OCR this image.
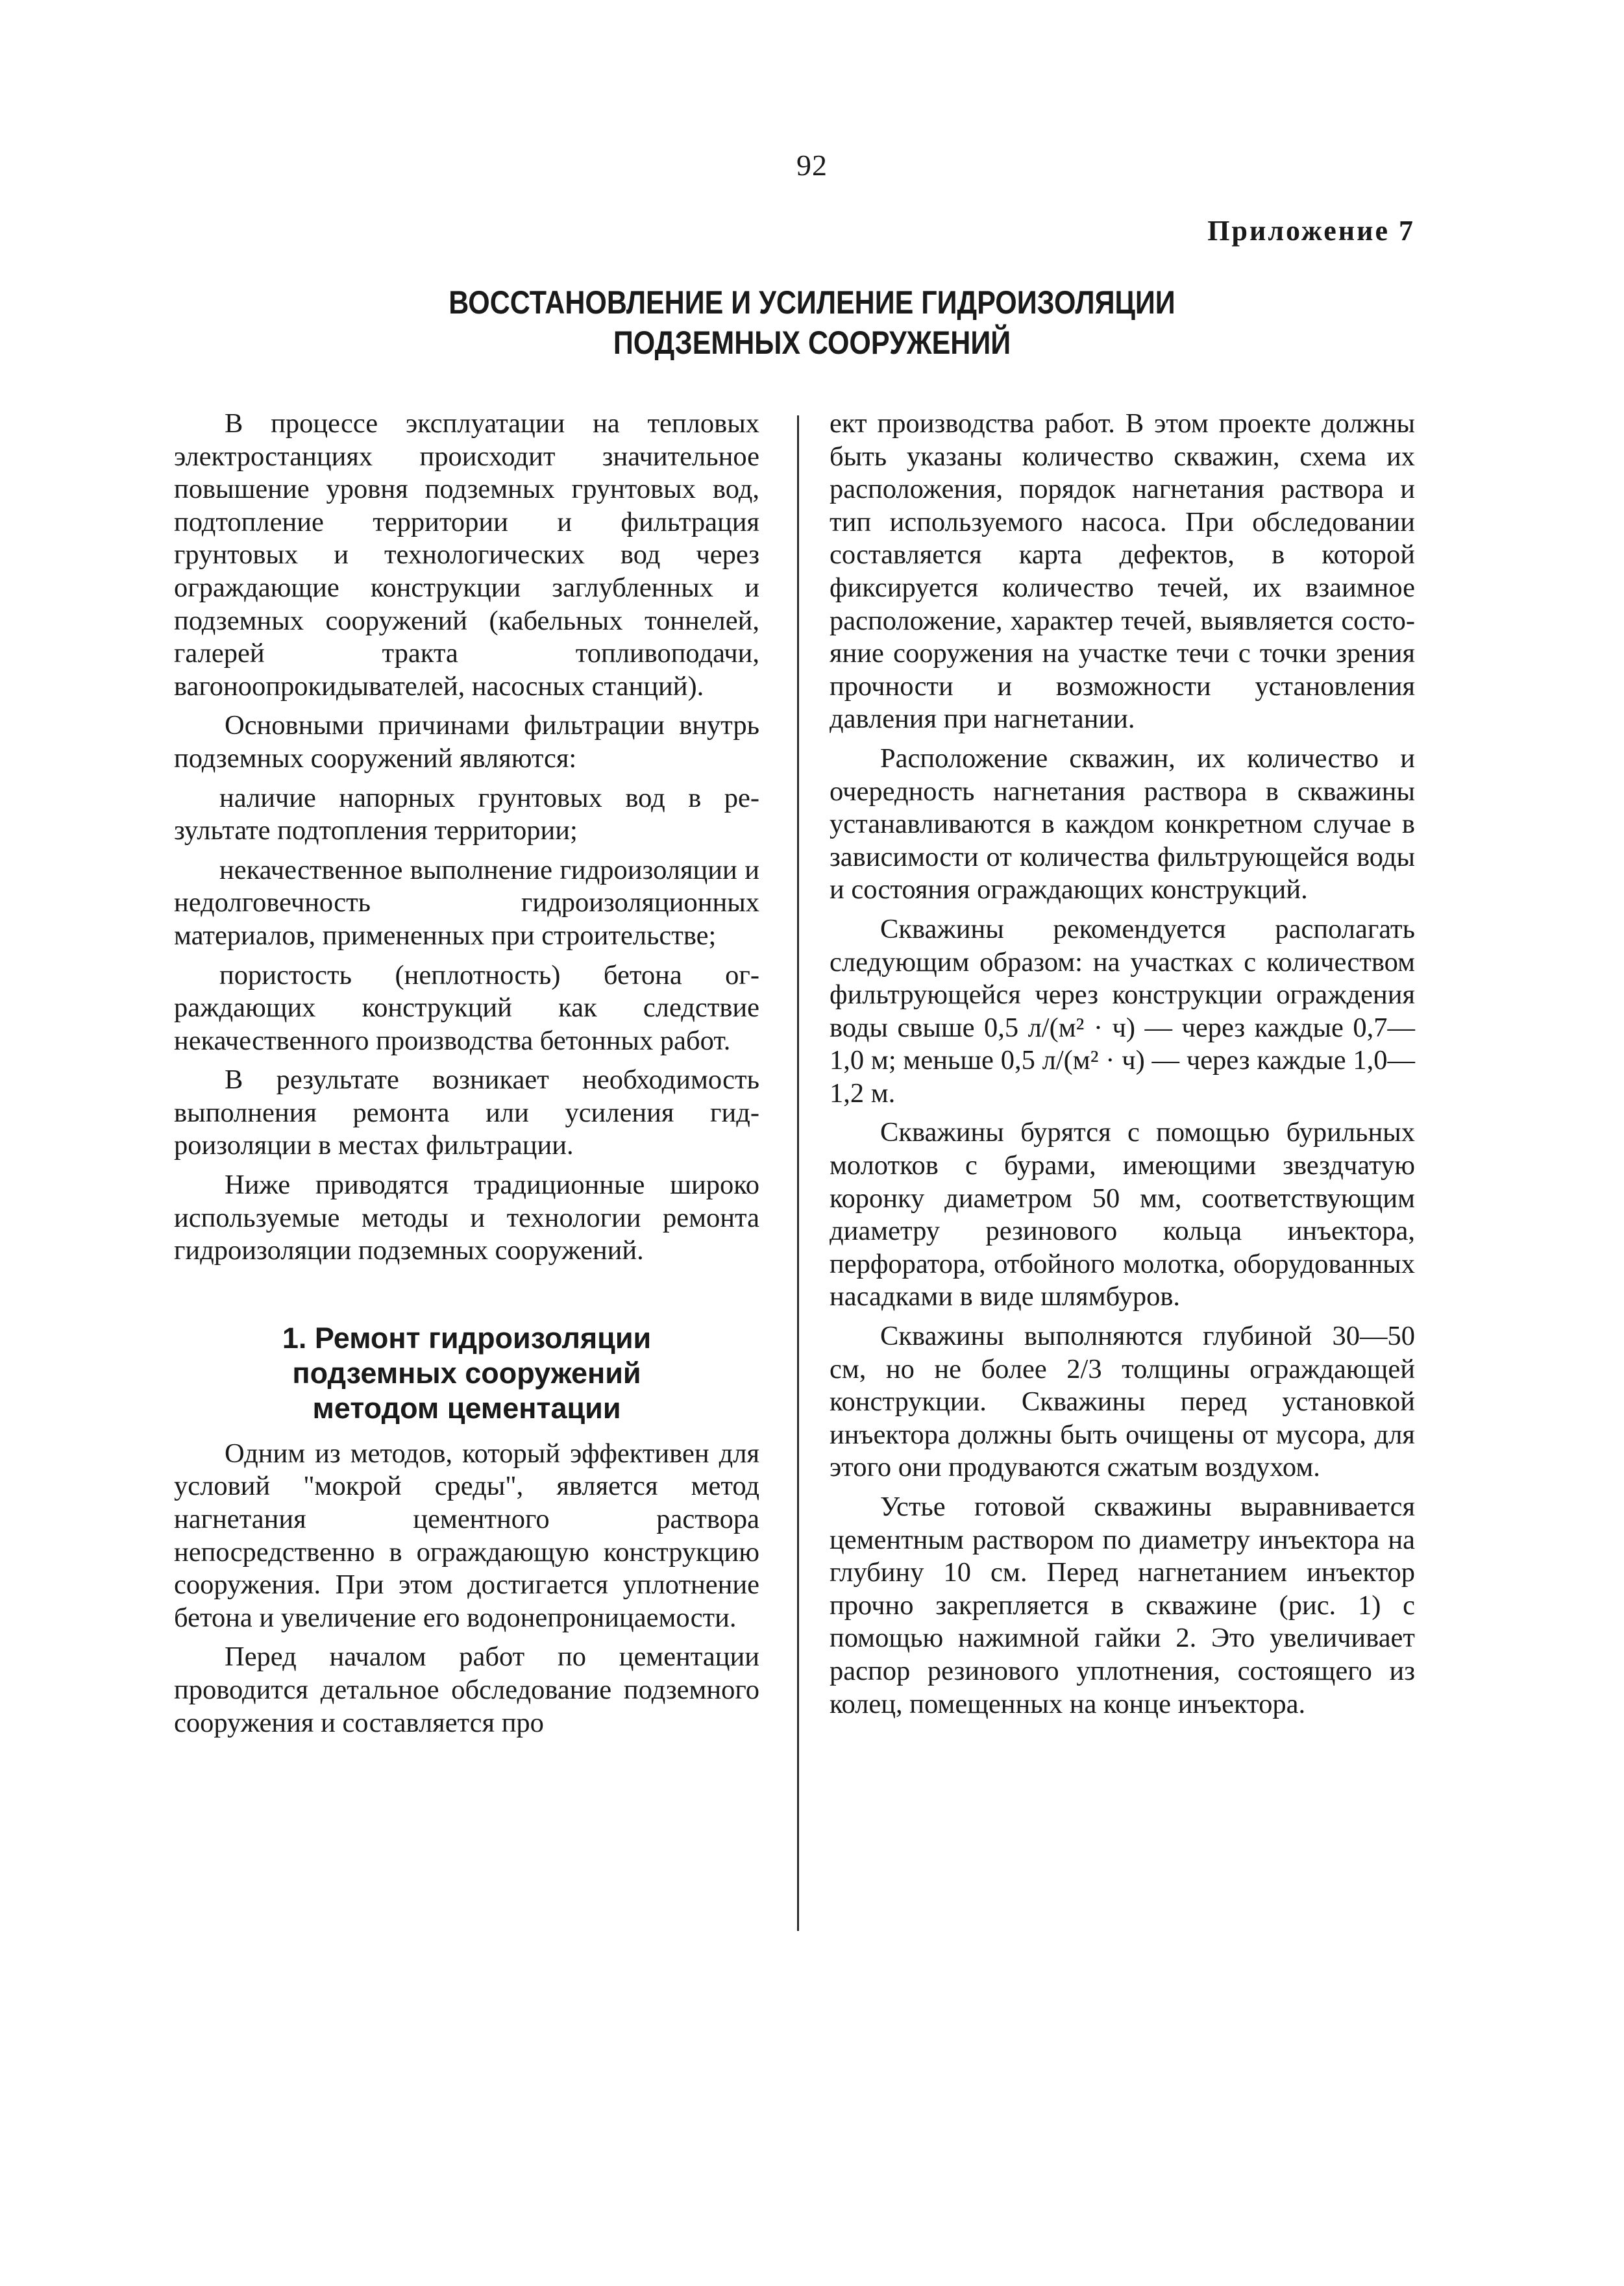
92
Приложение 7
ВОССТАНОВЛЕНИЕ И УСИЛЕНИЕ ГИДРОИЗОЛЯЦИИ
ПОДЗЕМНЫХ СООРУЖЕНИЙ

В процессе эксплуатации на тепловых электростанциях происходит значительное повышение уровня подземных грунтовых вод, подтопление территории и фильтрация грунтовых и технологических вод через ограждающие конструкции заглубленных и подземных сооружений (кабельных тоннелей, галерей тракта топливоподачи, вагоноопрокидывателей, насосных станций).

Основными причинами фильтрации внутрь подземных сооружений являются:

наличие напорных грунтовых вод в результате подтопления территории;

некачественное выполнение гидроизоляции и недолговечность гидроизоляционных материалов, примененных при строительстве;

пористость (неплотность) бетона ограждающих конструкций как следствие некачественного производства бетонных работ.

В результате возникает необходимость выполнения ремонта или усиления гидроизоляции в местах фильтрации.

Ниже приводятся традиционные широко используемые методы и технологии ремонта гидроизоляции подземных сооружений.

1. Ремонт гидроизоляции
подземных сооружений
методом цементации

Одним из методов, который эффективен для условий "мокрой среды", является метод нагнетания цементного раствора непосредственно в ограждающую конструкцию сооружения. При этом достигается уплотнение бетона и увеличение его водонепроницаемости.

Перед началом работ по цементации проводится детальное обследование подземного сооружения и составляется про

ект производства работ. В этом проекте должны быть указаны количество скважин, схема их расположения, порядок нагнетания раствора и тип используемого насоса. При обследовании составляется карта дефектов, в которой фиксируется количество течей, их взаимное расположение, характер течей, выявляется состояние сооружения на участке течи с точки зрения прочности и возможности установления давления при нагнетании.

Расположение скважин, их количество и очередность нагнетания раствора в скважины устанавливаются в каждом конкретном случае в зависимости от количества фильтрующейся воды и состояния ограждающих конструкций.

Скважины рекомендуется располагать следующим образом: на участках с количеством фильтрующейся через конструкции ограждения воды свыше 0,5 л/(м² · ч) — через каждые 0,7—1,0 м; меньше 0,5 л/(м² · ч) — через каждые 1,0—1,2 м.

Скважины бурятся с помощью бурильных молотков с бурами, имеющими звездчатую коронку диаметром 50 мм, соответствующим диаметру резинового кольца инъектора, перфоратора, отбойного молотка, оборудованных насадками в виде шлямбуров.

Скважины выполняются глубиной 30—50 см, но не более 2/3 толщины ограждающей конструкции. Скважины перед установкой инъектора должны быть очищены от мусора, для этого они продуваются сжатым воздухом.

Устье готовой скважины выравнивается цементным раствором по диаметру инъектора на глубину 10 см. Перед нагнетанием инъектор прочно закрепляется в скважине (рис. 1) с помощью нажимной гайки 2. Это увеличивает распор резинового уплотнения, состоящего из колец, помещенных на конце инъектора.
